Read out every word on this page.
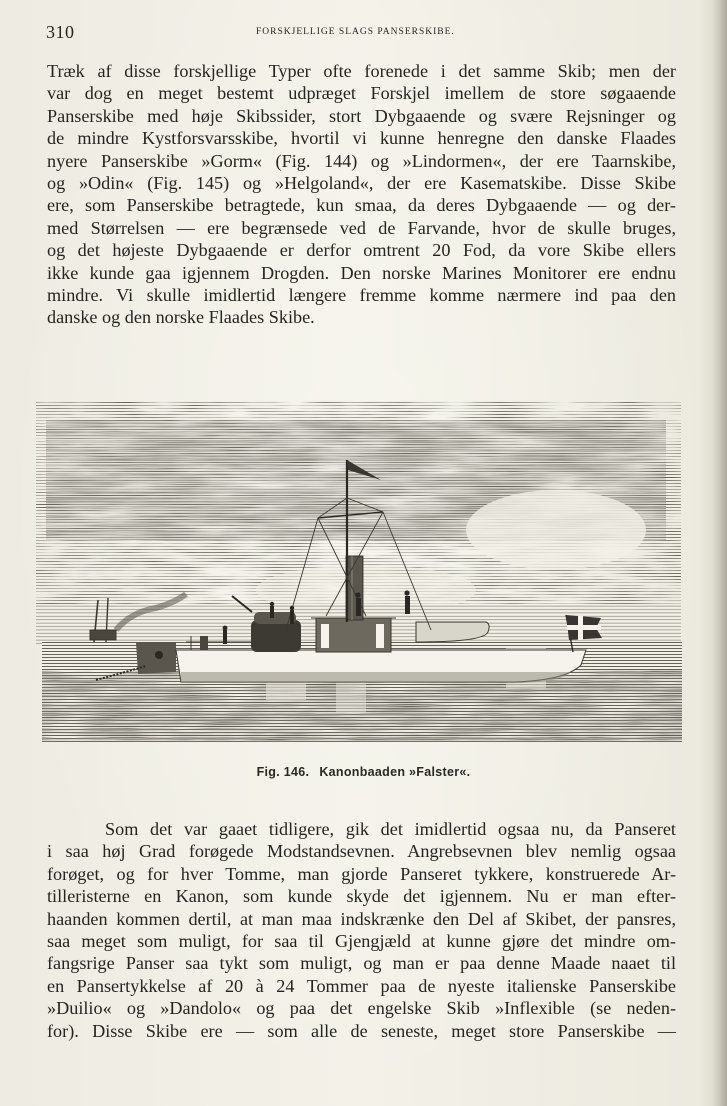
310	FORSKJELLIGE SLAGS PANSERSKIBE.
Træk af disse forskjellige Typer ofte forenede i det samme Skib; men der
var dog en meget bestemt udpræget Forskjel imellem de store søgaaende
Panserskibe med høje Skibssider, stort Dybgaaende og svære Rejsninger og
de mindre Kystforsvarsskibe, hvortil vi kunne henregne den danske Flaades
nyere Panserskibe »Gorm« (Fig. 144) og »Lindormen«, der ere Taarnskibe,
og »Odin« (Fig. 145) og »Helgoland«, der ere Kasematskibe. Disse Skibe
ere, som Panserskibe betragtede, kun smaa, da deres Dybgaaende — og der-
med Størrelsen — ere begrænsede ved de Farvande, hvor de skulle bruges,
og det højeste Dybgaaende er derfor omtrent 20 Fod, da vore Skibe ellers
ikke kunde gaa igjennem Drogden. Den norske Marines Monitorer ere endnu
mindre. Vi skulle imidlertid længere fremme komme nærmere ind paa den
danske og den norske Flaades Skibe.
Fig. 146. Kanonbaaden »Falster«.
Som det var gaaet tidligere, gik det imidlertid ogsaa nu, da Panseret
i saa høj Grad forøgede Modstandsevnen. Angrebsevnen blev nemlig ogsaa
forøget, og for hver Tomme, man gjorde Panseret tykkere, konstruerede Ar-
tilleristerne en Kanon, som kunde skyde det igjennem. Nu er man efter-
haanden kommen dertil, at man maa indskrænke den Del af Skibet, der pansres,
saa meget som muligt, for saa til Gjengjæld at kunne gjøre det mindre om-
fangsrige Panser saa tykt som muligt, og man er paa denne Maade naaet til
en Pansertykkelse af 20 à 24 Tommer paa de nyeste italienske Panserskibe
»Duilio« og »Dandolo« og paa det engelske Skib »Inflexible (se neden-
for). Disse Skibe ere — som alle de seneste, meget store Panserskibe —
